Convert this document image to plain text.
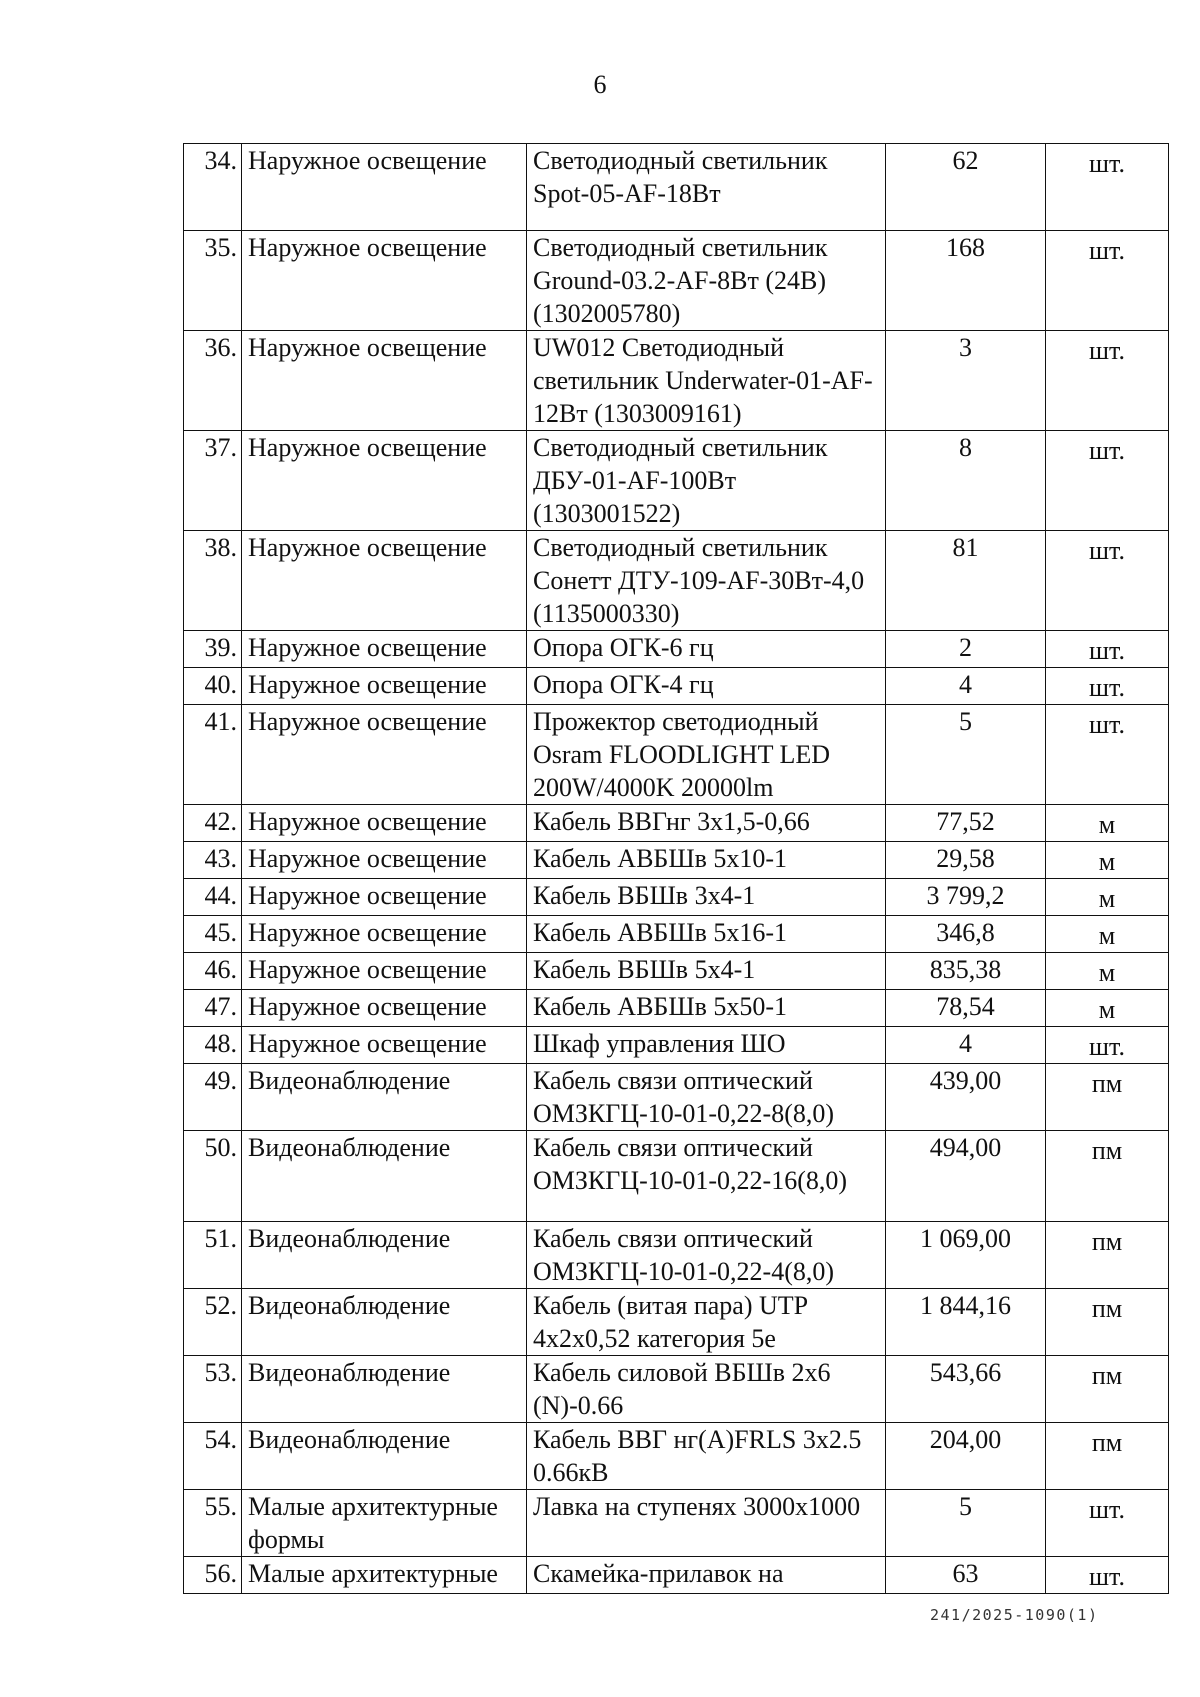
6
34.	Наружное освещение	Светодиодный светильник Spot-05-AF-18Вт	62	шт.
35.	Наружное освещение	Светодиодный светильник Ground-03.2-AF-8Вт (24В) (1302005780)	168	шт.
36.	Наружное освещение	UW012 Светодиодный светильник Underwater-01-AF-12Вт (1303009161)	3	шт.
37.	Наружное освещение	Светодиодный светильник ДБУ-01-AF-100Вт (1303001522)	8	шт.
38.	Наружное освещение	Светодиодный светильник Сонетт ДТУ-109-AF-30Вт-4,0 (1135000330)	81	шт.
39.	Наружное освещение	Опора ОГК-6 гц	2	шт.
40.	Наружное освещение	Опора ОГК-4 гц	4	шт.
41.	Наружное освещение	Прожектор светодиодный Osram FLOODLIGHT LED 200W/4000K 20000lm	5	шт.
42.	Наружное освещение	Кабель ВВГнг 3х1,5-0,66	77,52	м
43.	Наружное освещение	Кабель АВБШв 5х10-1	29,58	м
44.	Наружное освещение	Кабель ВБШв 3х4-1	3 799,2	м
45.	Наружное освещение	Кабель АВБШв 5х16-1	346,8	м
46.	Наружное освещение	Кабель ВБШв 5х4-1	835,38	м
47.	Наружное освещение	Кабель АВБШв 5х50-1	78,54	м
48.	Наружное освещение	Шкаф управления ШО	4	шт.
49.	Видеонаблюдение	Кабель связи оптический ОМЗКГЦ-10-01-0,22-8(8,0)	439,00	пм
50.	Видеонаблюдение	Кабель связи оптический ОМЗКГЦ-10-01-0,22-16(8,0)	494,00	пм
51.	Видеонаблюдение	Кабель связи оптический ОМЗКГЦ-10-01-0,22-4(8,0)	1 069,00	пм
52.	Видеонаблюдение	Кабель (витая пара) UTP 4х2х0,52 категория 5е	1 844,16	пм
53.	Видеонаблюдение	Кабель силовой ВБШв 2х6 (N)-0.66	543,66	пм
54.	Видеонаблюдение	Кабель ВВГ нг(А)FRLS 3х2.5 0.66кВ	204,00	пм
55.	Малые архитектурные формы	Лавка на ступенях 3000х1000	5	шт.
56.	Малые архитектурные	Скамейка-прилавок на	63	шт.
241/2025-1090(1)
